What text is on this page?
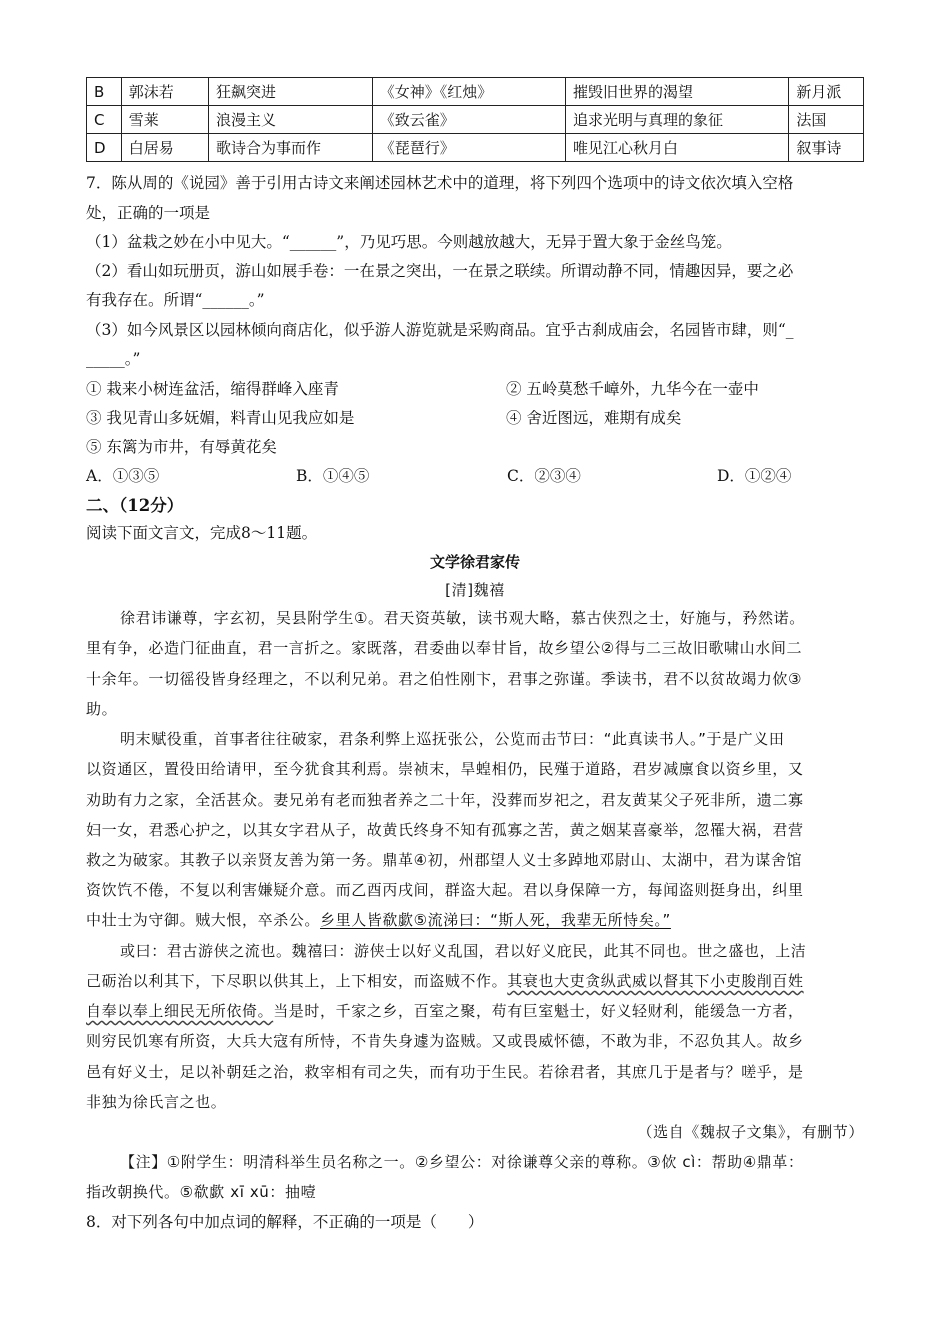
B	郭沫若	狂飙突进	《女神》《红烛》	摧毁旧世界的渴望	新月派
C	雪莱	浪漫主义	《致云雀》	追求光明与真理的象征	法国
D	白居易	歌诗合为事而作	《琵琶行》	唯见江心秋月白	叙事诗
7．陈从周的《说园》善于引用古诗文来阐述园林艺术中的道理，将下列四个选项中的诗文依次填入空格
处，正确的一项是
（1）盆栽之妙在小中见大。“______”，乃见巧思。今则越放越大，无异于置大象于金丝鸟笼。
（2）看山如玩册页，游山如展手卷：一在景之突出，一在景之联续。所谓动静不同，情趣因异，要之必
有我存在。所谓“______。”
（3）如今风景区以园林倾向商店化，似乎游人游览就是采购商品。宜乎古刹成庙会，名园皆市肆，则“_
_____。”
① 栽来小树连盆活，缩得群峰入座青	② 五岭莫愁千嶂外，九华今在一壶中
③ 我见青山多妩媚，料青山见我应如是	④ 舍近图远，难期有成矣
⑤ 东篱为市井，有辱黄花矣
A．①③⑤	B．①④⑤	C．②③④	D．①②④
二、（12分）
阅读下面文言文，完成8～11题。
文学徐君家传
[清]魏禧
徐君讳谦尊，字玄初，吴县附学生①。君天资英敏，读书观大略，慕古侠烈之士，好施与，矜然诺。
里有争，必造门征曲直，君一言折之。家既落，君委曲以奉甘旨，故乡望公②得与二三故旧歌啸山水间二
十余年。一切徭役皆身经理之，不以利兄弟。君之伯性刚卞，君事之弥谨。季读书，君不以贫故竭力佽③
助。
明末赋役重，首事者往往破家，君条利弊上巡抚张公，公览而击节曰：“此真读书人。”于是广义田
以资通区，置役田给请甲，至今犹食其利焉。崇祯末，旱蝗相仍，民殣于道路，君岁减廪食以资乡里，又
劝助有力之家，全活甚众。妻兄弟有老而独者养之二十年，没葬而岁祀之，君友黄某父子死非所，遗二寡
妇一女，君悉心护之，以其女字君从子，故黄氏终身不知有孤寡之苦，黄之姻某喜豪举，忽罹大祸，君营
救之为破家。其教子以亲贤友善为第一务。鼎革④初，州郡望人义士多踔地邓尉山、太湖中，君为谋舍馆
资饮饩不倦，不复以利害嫌疑介意。而乙酉丙戌间，群盗大起。君以身保障一方，每闻盗则挺身出，纠里
中壮士为守御。贼大恨，卒杀公。乡里人皆欷歔⑤流涕曰：“斯人死，我辈无所恃矣。”
或曰：君古游侠之流也。魏禧曰：游侠士以好义乱国，君以好义庇民，此其不同也。世之盛也，上洁
己砺治以利其下，下尽职以供其上，上下相安，而盗贼不作。其衰也大吏贪纵武威以督其下小吏朘削百姓
自奉以奉上细民无所依倚。当是时，千家之乡，百室之聚，苟有巨室魁士，好义轻财利，能缓急一方者，
则穷民饥寒有所资，大兵大寇有所恃，不肯失身遽为盗贼。又或畏威怀德，不敢为非，不忍负其人。故乡
邑有好义士，足以补朝廷之治，救宰相有司之失，而有功于生民。若徐君者，其庶几于是者与？嗟乎，是
非独为徐氏言之也。
（选自《魏叔子文集》，有删节）
【注】①附学生：明清科举生员名称之一。②乡望公：对徐谦尊父亲的尊称。③佽 cì：帮助④鼎革：
指改朝换代。⑤欷歔 xī xū：抽噎
8．对下列各句中加点词的解释，不正确的一项是（　　）
